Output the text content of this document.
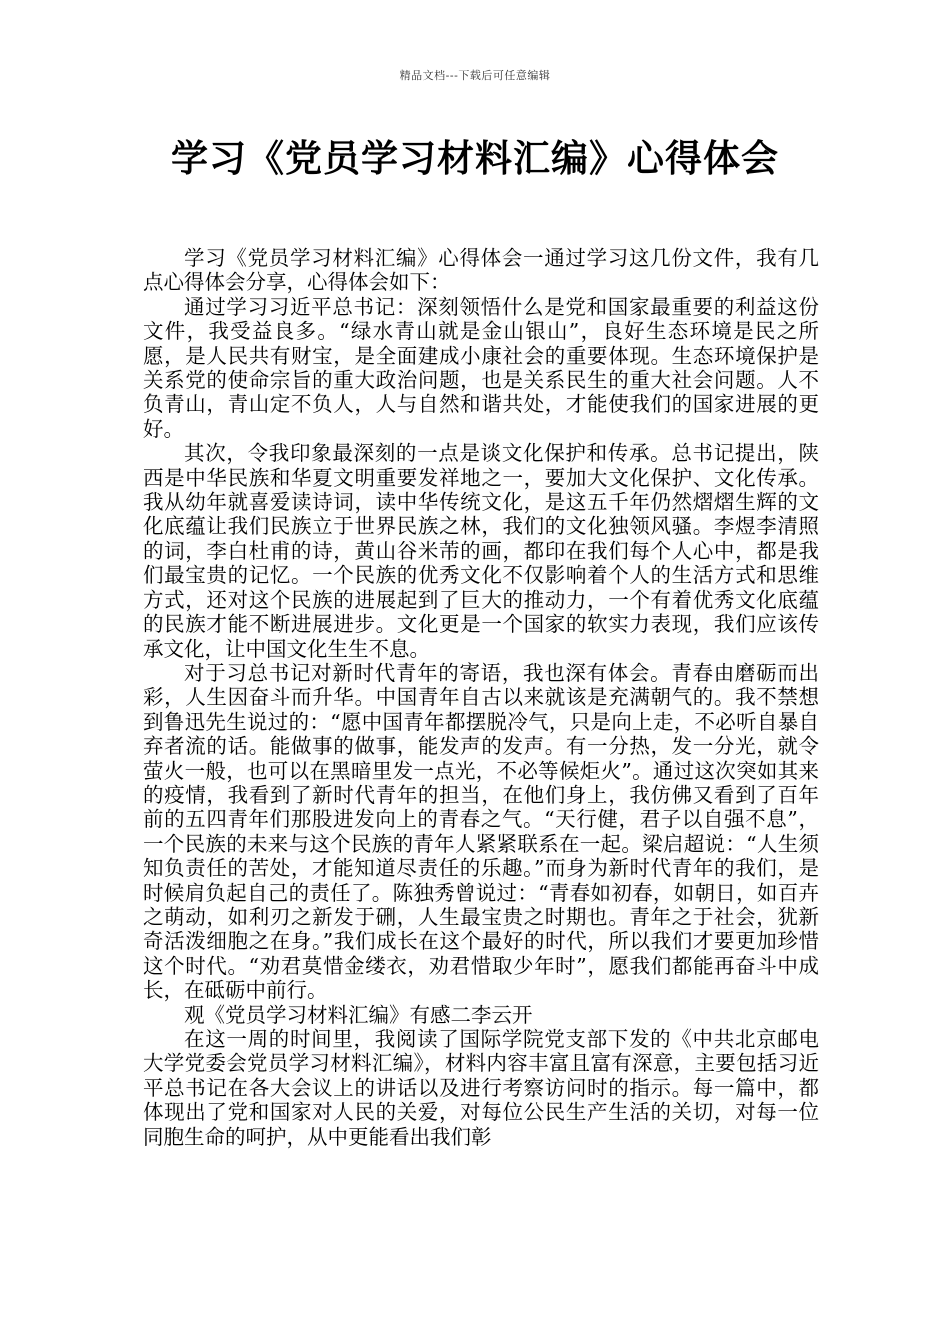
精品文档---下载后可任意编辑
学习《党员学习材料汇编》心得体会

学习《党员学习材料汇编》心得体会一通过学习这几份文件，我有几点心得体会分享，心得体会如下：

通过学习习近平总书记：深刻领悟什么是党和国家最重要的利益这份文件，我受益良多。“绿水青山就是金山银山”，良好生态环境是民之所愿，是人民共有财宝，是全面建成小康社会的重要体现。生态环境保护是关系党的使命宗旨的重大政治问题，也是关系民生的重大社会问题。人不负青山，青山定不负人，人与自然和谐共处，才能使我们的国家进展的更好。

其次，令我印象最深刻的一点是谈文化保护和传承。总书记提出，陕西是中华民族和华夏文明重要发祥地之一，要加大文化保护、文化传承。我从幼年就喜爱读诗词，读中华传统文化，是这五千年仍然熠熠生辉的文化底蕴让我们民族立于世界民族之林，我们的文化独领风骚。李煜李清照的词，李白杜甫的诗，黄山谷米芾的画，都印在我们每个人心中，都是我们最宝贵的记忆。一个民族的优秀文化不仅影响着个人的生活方式和思维方式，还对这个民族的进展起到了巨大的推动力，一个有着优秀文化底蕴的民族才能不断进展进步。文化更是一个国家的软实力表现，我们应该传承文化，让中国文化生生不息。

对于习总书记对新时代青年的寄语，我也深有体会。青春由磨砺而出彩，人生因奋斗而升华。中国青年自古以来就该是充满朝气的。我不禁想到鲁迅先生说过的：“愿中国青年都摆脱冷气，只是向上走，不必听自暴自弃者流的话。能做事的做事，能发声的发声。有一分热，发一分光，就令萤火一般，也可以在黑暗里发一点光，不必等候炬火”。通过这次突如其来的疫情，我看到了新时代青年的担当，在他们身上，我仿佛又看到了百年前的五四青年们那股进发向上的青春之气。“天行健，君子以自强不息”，一个民族的未来与这个民族的青年人紧紧联系在一起。梁启超说：“人生须知负责任的苦处，才能知道尽责任的乐趣。”而身为新时代青年的我们，是时候肩负起自己的责任了。陈独秀曾说过：“青春如初春，如朝日，如百卉之萌动，如利刃之新发于硎，人生最宝贵之时期也。青年之于社会，犹新奇活泼细胞之在身。”我们成长在这个最好的时代，所以我们才要更加珍惜这个时代。“劝君莫惜金缕衣，劝君惜取少年时”，愿我们都能再奋斗中成长，在砥砺中前行。

观《党员学习材料汇编》有感二李云开

在这一周的时间里，我阅读了国际学院党支部下发的《中共北京邮电大学党委会党员学习材料汇编》，材料内容丰富且富有深意，主要包括习近平总书记在各大会议上的讲话以及进行考察访问时的指示。每一篇中，都体现出了党和国家对人民的关爱，对每位公民生产生活的关切，对每一位同胞生命的呵护，从中更能看出我们彰
